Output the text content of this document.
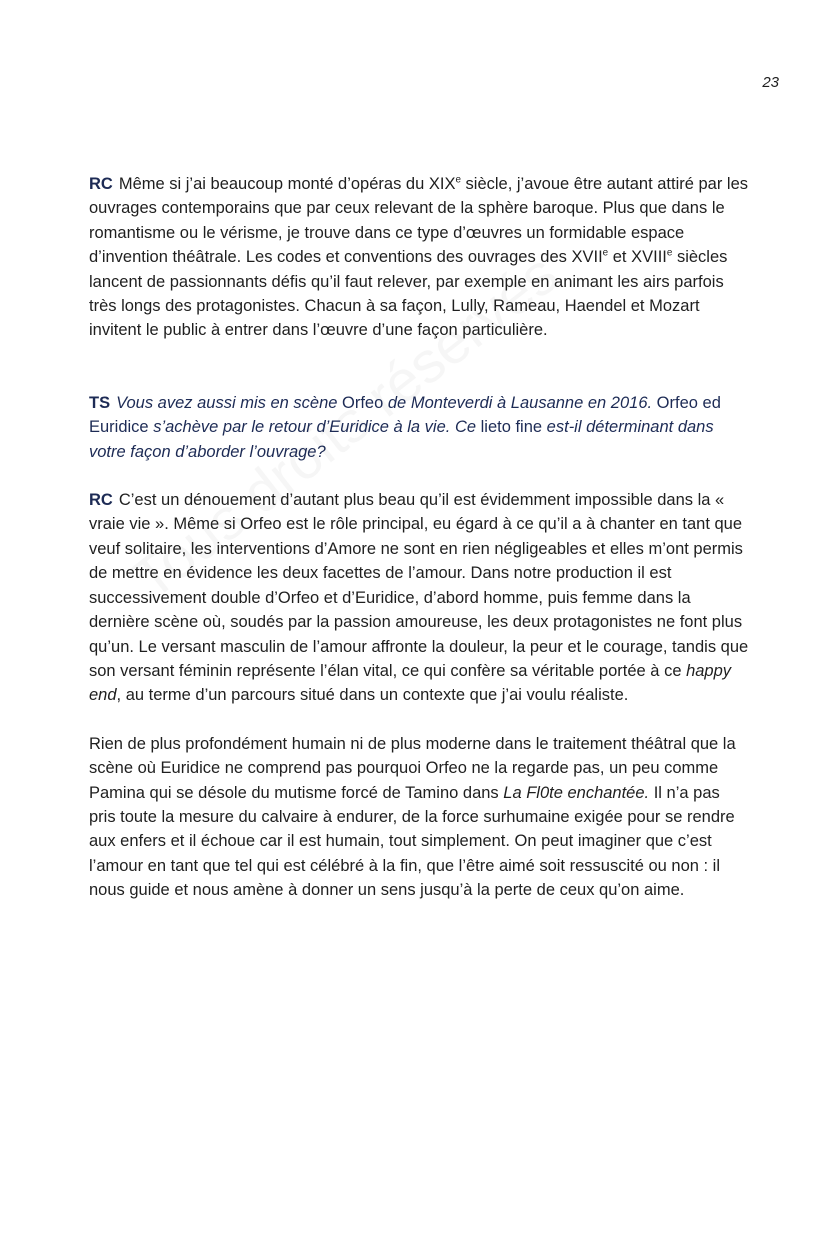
23

RC Même si j’ai beaucoup monté d’opéras du XIXe siècle, j’avoue être autant attiré par les ouvrages contemporains que par ceux relevant de la sphère baroque. Plus que dans le romantisme ou le vérisme, je trouve dans ce type d’œuvres un formidable espace d’invention théâtrale. Les codes et conventions des ouvrages des XVIIe et XVIIIe siècles lancent de passionnants défis qu’il faut relever, par exemple en animant les airs parfois très longs des protagonistes. Chacun à sa façon, Lully, Rameau, Haendel et Mozart invitent le public à entrer dans l’œuvre d’une façon particulière.

TS Vous avez aussi mis en scène Orfeo de Monteverdi à Lausanne en 2016. Orfeo ed Euridice s’achève par le retour d’Euridice à la vie. Ce lieto fine est-il déterminant dans votre façon d’aborder l’ouvrage?

RC C’est un dénouement d’autant plus beau qu’il est évidemment impossible dans la « vraie vie ». Même si Orfeo est le rôle principal, eu égard à ce qu’il a à chanter en tant que veuf solitaire, les interventions d’Amore ne sont en rien négligeables et elles m’ont permis de mettre en évidence les deux facettes de l’amour. Dans notre production il est successivement double d’Orfeo et d’Euridice, d’abord homme, puis femme dans la dernière scène où, soudés par la passion amoureuse, les deux protagonistes ne font plus qu’un. Le versant masculin de l’amour affronte la douleur, la peur et le courage, tandis que son versant féminin représente l’élan vital, ce qui confère sa véritable portée à ce happy end, au terme d’un parcours situé dans un contexte que j’ai voulu réaliste.

Rien de plus profondément humain ni de plus moderne dans le traitement théâtral que la scène où Euridice ne comprend pas pourquoi Orfeo ne la regarde pas, un peu comme Pamina qui se désole du mutisme forcé de Tamino dans La Fl0te enchantée. Il n’a pas pris toute la mesure du calvaire à endurer, de la force surhumaine exigée pour se rendre aux enfers et il échoue car il est humain, tout simplement. On peut imaginer que c’est l’amour en tant que tel qui est célébré à la fin, que l’être aimé soit ressuscité ou non : il nous guide et nous amène à donner un sens jusqu’à la perte de ceux qu’on aime.
